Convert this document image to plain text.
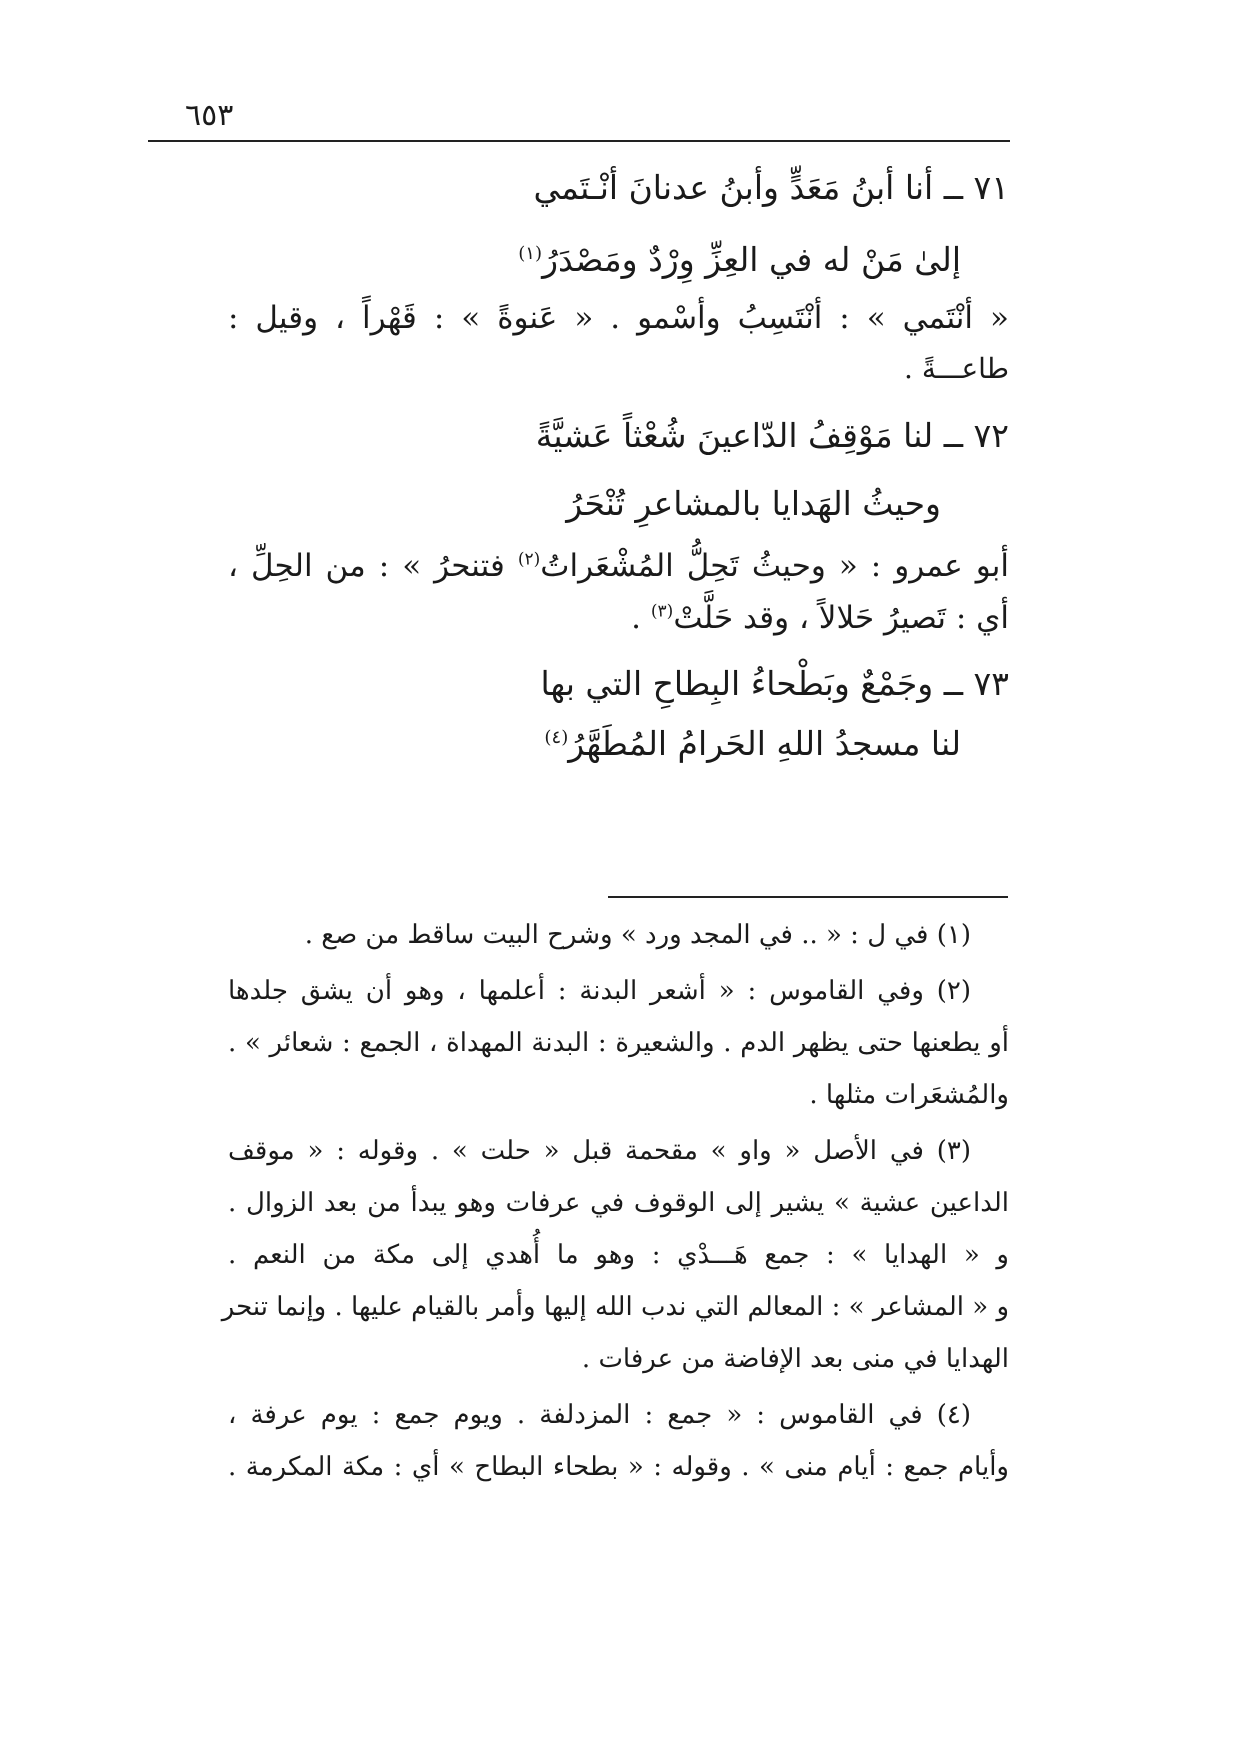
٦٥٣
٧١ ــ أنا أبنُ مَعَدٍّ وأبنُ عدنانَ أنْـتَمي
إلىٰ مَنْ له في العِزِّ وِرْدٌ ومَصْدَرُ$^{(١)}$
« أنْتَمي » : أنْتَسِبُ وأسْمو . « عَنوةً » : قَهْراً ، وقيل :
طاعـــةً .
٧٢ ــ لنا مَوْقِفُ الدّاعينَ شُعْثاً عَشيَّةً
وحيثُ الهَدايا بالمشاعرِ تُنْحَرُ
أبو عمرو : « وحيثُ تَحِلُّ المُشْعَراتُ$^{(٢)}$ فتنحرُ » : من الحِلِّ ،
أي : تَصيرُ حَلالاً ، وقد حَلَّتْ$^{(٣)}$ .
٧٣ ــ وجَمْعٌ وبَطْحاءُ البِطاحِ التي بها
لنا مسجدُ اللهِ الحَرامُ المُطَهَّرُ$^{(٤)}$
(١) في ل : « .. في المجد ورد » وشرح البيت ساقط من صع .
(٢) وفي القاموس : « أشعر البدنة : أعلمها ، وهو أن يشق جلدها
أو يطعنها حتى يظهر الدم . والشعيرة : البدنة المهداة ، الجمع : شعائر » .
والمُشعَرات مثلها .
(٣) في الأصل « واو » مقحمة قبل « حلت » . وقوله : « موقف
الداعين عشية » يشير إلى الوقوف في عرفات وهو يبدأ من بعد الزوال .
و « الهدايا » : جمع هَـــدْي : وهو ما أُهدي إلى مكة من النعم .
و « المشاعر » : المعالم التي ندب الله إليها وأمر بالقيام عليها . وإنما تنحر
الهدايا في منى بعد الإفاضة من عرفات .
(٤) في القاموس : « جمع : المزدلفة . ويوم جمع : يوم عرفة ،
وأيام جمع : أيام منى » . وقوله : « بطحاء البطاح » أي : مكة المكرمة .
